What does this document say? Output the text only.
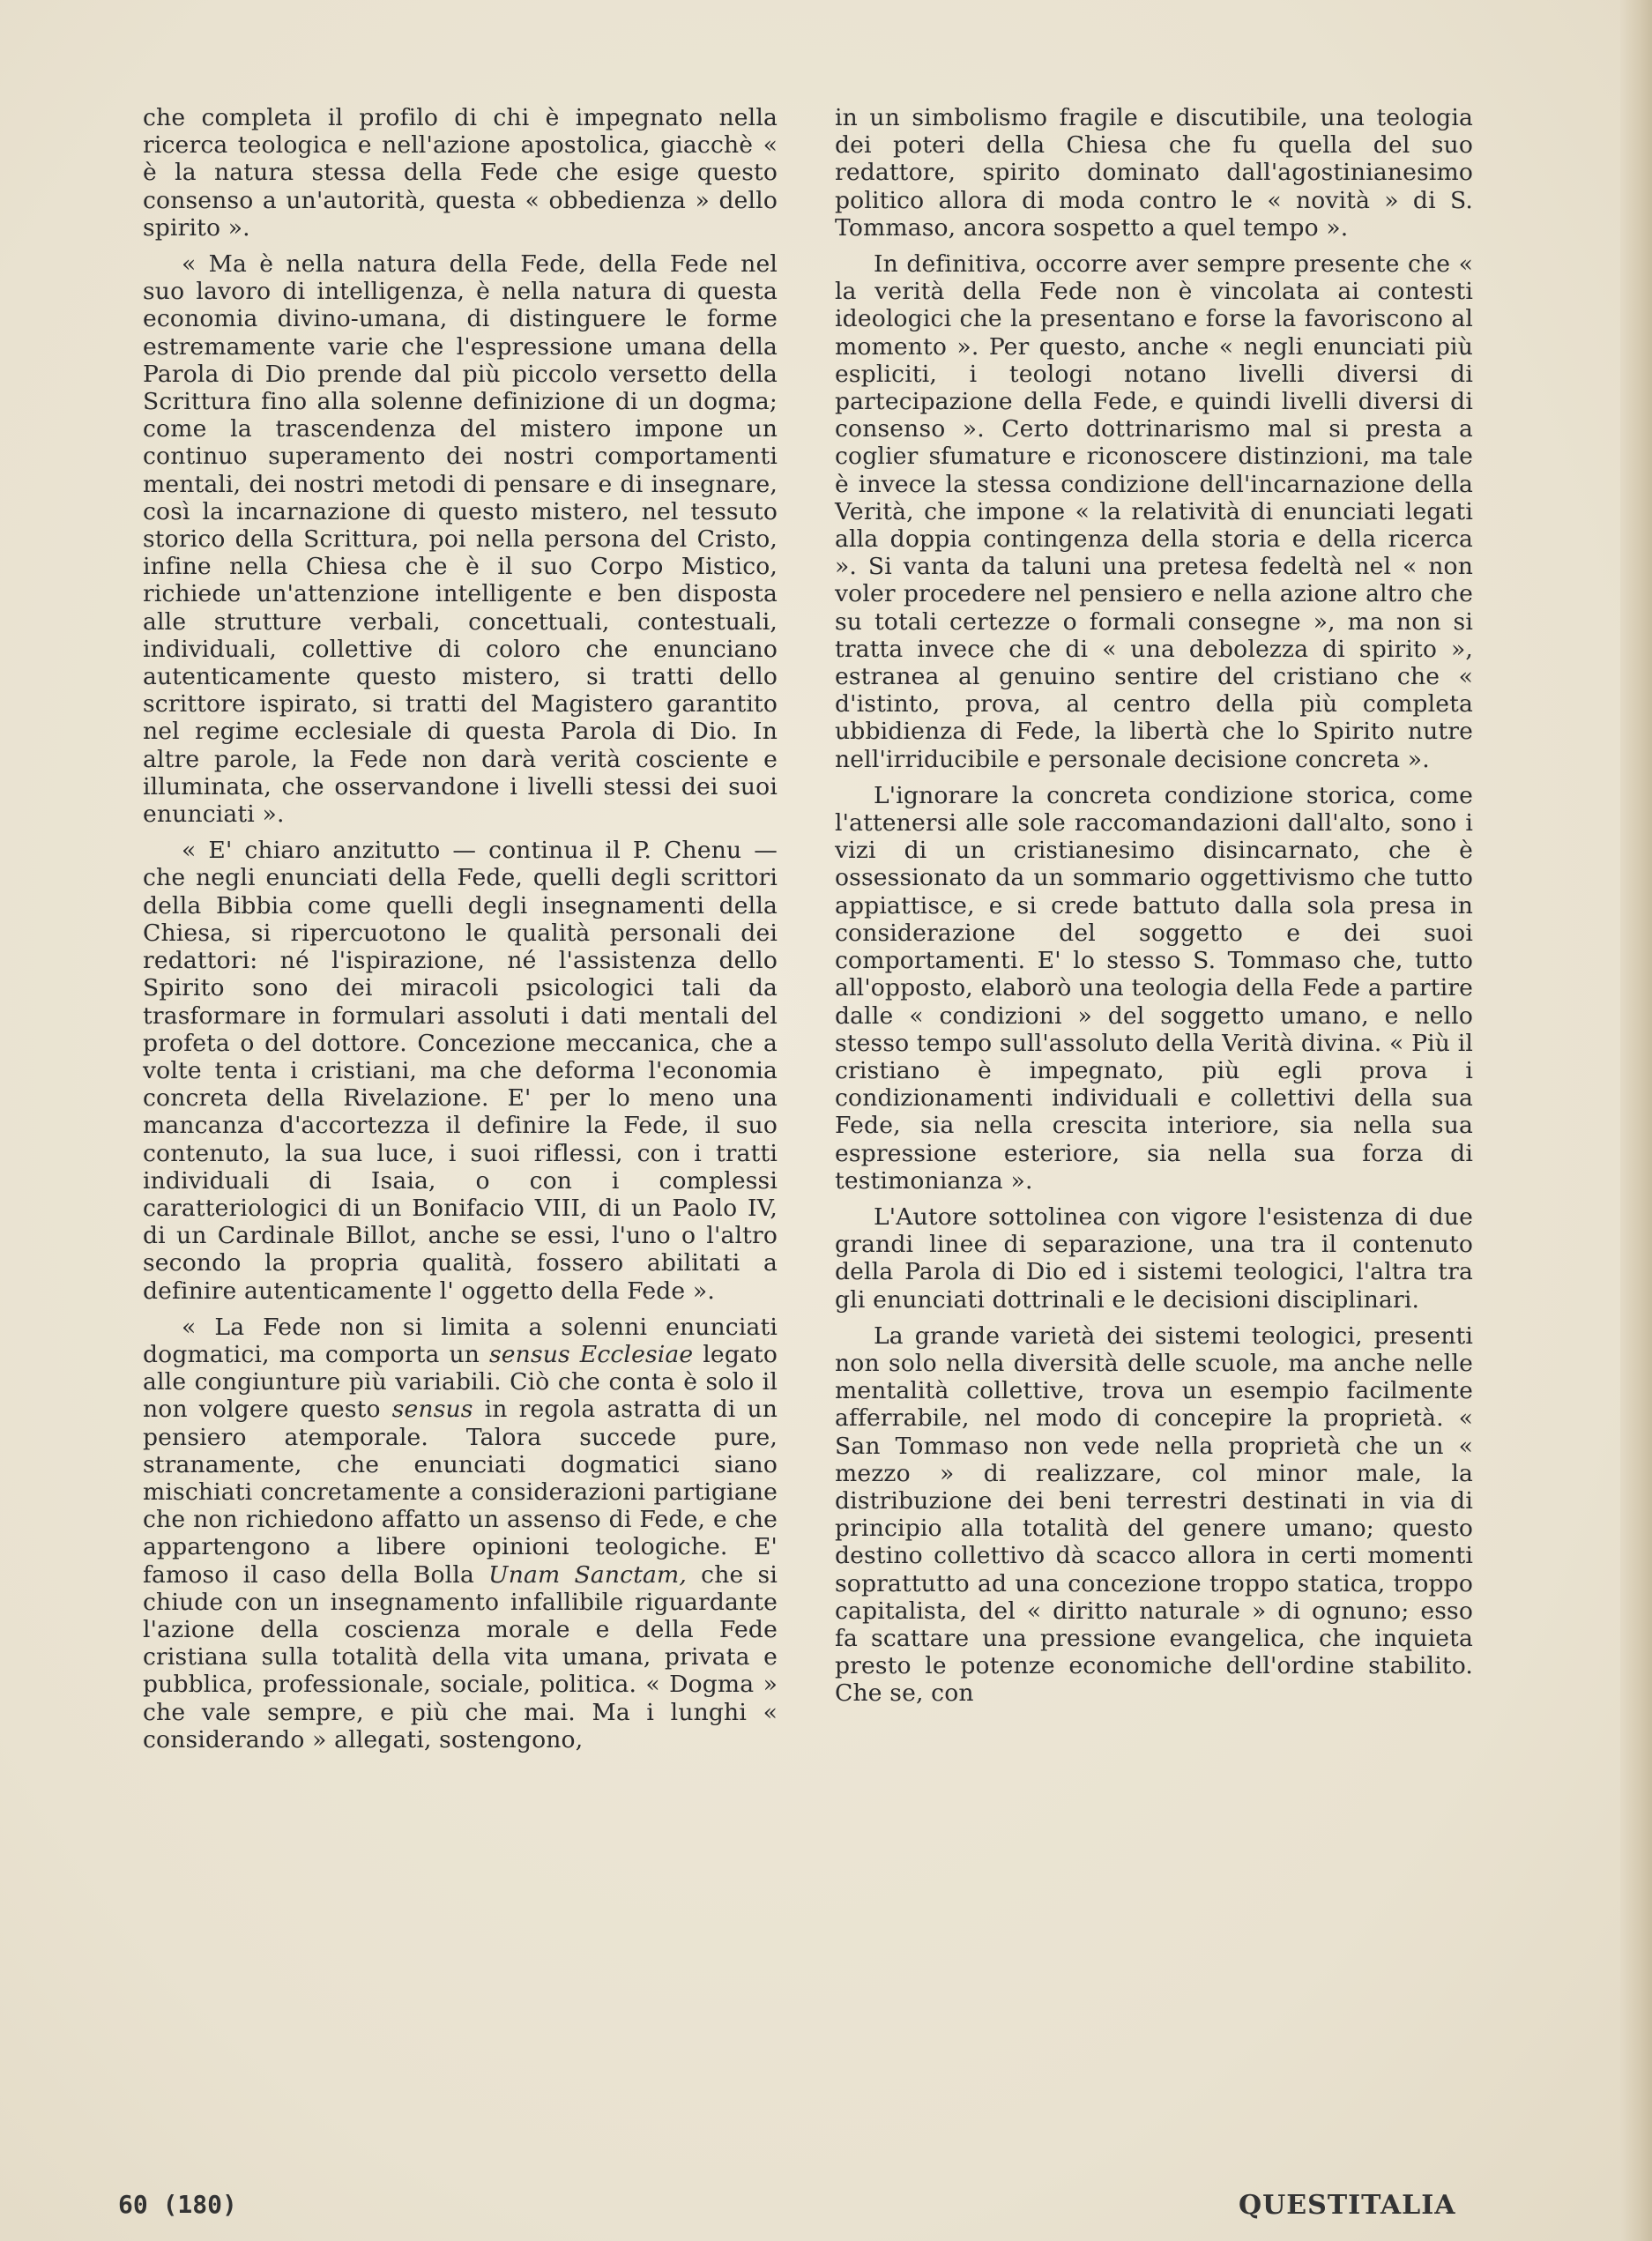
che completa il profilo di chi è impegnato nella ricerca teologica e nell'azione apostolica, giacchè « è la natura stessa della Fede che esige questo consenso a un'autorità, questa « obbedienza » dello spirito ».

« Ma è nella natura della Fede, della Fede nel suo lavoro di intelligenza, è nella natura di questa economia divino-umana, di distinguere le forme estremamente varie che l'espressione umana della Parola di Dio prende dal più piccolo versetto della Scrittura fino alla solenne definizione di un dogma; come la trascendenza del mistero impone un continuo superamento dei nostri comportamenti mentali, dei nostri metodi di pensare e di insegnare, così la incarnazione di questo mistero, nel tessuto storico della Scrittura, poi nella persona del Cristo, infine nella Chiesa che è il suo Corpo Mistico, richiede un'attenzione intelligente e ben disposta alle strutture verbali, concettuali, contestuali, individuali, collettive di coloro che enunciano autenticamente questo mistero, si tratti dello scrittore ispirato, si tratti del Magistero garantito nel regime ecclesiale di questa Parola di Dio. In altre parole, la Fede non darà verità cosciente e illuminata, che osservandone i livelli stessi dei suoi enunciati ».

« E' chiaro anzitutto — continua il P. Chenu — che negli enunciati della Fede, quelli degli scrittori della Bibbia come quelli degli insegnamenti della Chiesa, si ripercuotono le qualità personali dei redattori: né l'ispirazione, né l'assistenza dello Spirito sono dei miracoli psicologici tali da trasformare in formulari assoluti i dati mentali del profeta o del dottore. Concezione meccanica, che a volte tenta i cristiani, ma che deforma l'economia concreta della Rivelazione. E' per lo meno una mancanza d'accortezza il definire la Fede, il suo contenuto, la sua luce, i suoi riflessi, con i tratti individuali di Isaia, o con i complessi caratteriologici di un Bonifacio VIII, di un Paolo IV, di un Cardinale Billot, anche se essi, l'uno o l'altro secondo la propria qualità, fossero abilitati a definire autenticamente l' oggetto della Fede ».

« La Fede non si limita a solenni enunciati dogmatici, ma comporta un sensus Ecclesiae legato alle congiunture più variabili. Ciò che conta è solo il non volgere questo sensus in regola astratta di un pensiero atemporale. Talora succede pure, stranamente, che enunciati dogmatici siano mischiati concretamente a considerazioni partigiane che non richiedono affatto un assenso di Fede, e che appartengono a libere opinioni teologiche. E' famoso il caso della Bolla Unam Sanctam, che si chiude con un insegnamento infallibile riguardante l'azione della coscienza morale e della Fede cristiana sulla totalità della vita umana, privata e pubblica, professionale, sociale, politica. « Dogma » che vale sempre, e più che mai. Ma i lunghi « considerando » allegati, sostengono,

in un simbolismo fragile e discutibile, una teologia dei poteri della Chiesa che fu quella del suo redattore, spirito dominato dall'agostinianesimo politico allora di moda contro le « novità » di S. Tommaso, ancora sospetto a quel tempo ».

In definitiva, occorre aver sempre presente che « la verità della Fede non è vincolata ai contesti ideologici che la presentano e forse la favoriscono al momento ». Per questo, anche « negli enunciati più espliciti, i teologi notano livelli diversi di partecipazione della Fede, e quindi livelli diversi di consenso ». Certo dottrinarismo mal si presta a coglier sfumature e riconoscere distinzioni, ma tale è invece la stessa condizione dell'incarnazione della Verità, che impone « la relatività di enunciati legati alla doppia contingenza della storia e della ricerca ». Si vanta da taluni una pretesa fedeltà nel « non voler procedere nel pensiero e nella azione altro che su totali certezze o formali consegne », ma non si tratta invece che di « una debolezza di spirito », estranea al genuino sentire del cristiano che « d'istinto, prova, al centro della più completa ubbidienza di Fede, la libertà che lo Spirito nutre nell'irriducibile e personale decisione concreta ».

L'ignorare la concreta condizione storica, come l'attenersi alle sole raccomandazioni dall'alto, sono i vizi di un cristianesimo disincarnato, che è ossessionato da un sommario oggettivismo che tutto appiattisce, e si crede battuto dalla sola presa in considerazione del soggetto e dei suoi comportamenti. E' lo stesso S. Tommaso che, tutto all'opposto, elaborò una teologia della Fede a partire dalle « condizioni » del soggetto umano, e nello stesso tempo sull'assoluto della Verità divina. « Più il cristiano è impegnato, più egli prova i condizionamenti individuali e collettivi della sua Fede, sia nella crescita interiore, sia nella sua espressione esteriore, sia nella sua forza di testimonianza ».

L'Autore sottolinea con vigore l'esistenza di due grandi linee di separazione, una tra il contenuto della Parola di Dio ed i sistemi teologici, l'altra tra gli enunciati dottrinali e le decisioni disciplinari.

La grande varietà dei sistemi teologici, presenti non solo nella diversità delle scuole, ma anche nelle mentalità collettive, trova un esempio facilmente afferrabile, nel modo di concepire la proprietà. « San Tommaso non vede nella proprietà che un « mezzo » di realizzare, col minor male, la distribuzione dei beni terrestri destinati in via di principio alla totalità del genere umano; questo destino collettivo dà scacco allora in certi momenti soprattutto ad una concezione troppo statica, troppo capitalista, del « diritto naturale » di ognuno; esso fa scattare una pressione evangelica, che inquieta presto le potenze economiche dell'ordine stabilito. Che se, con

60 (180)	QUESTITALIA
